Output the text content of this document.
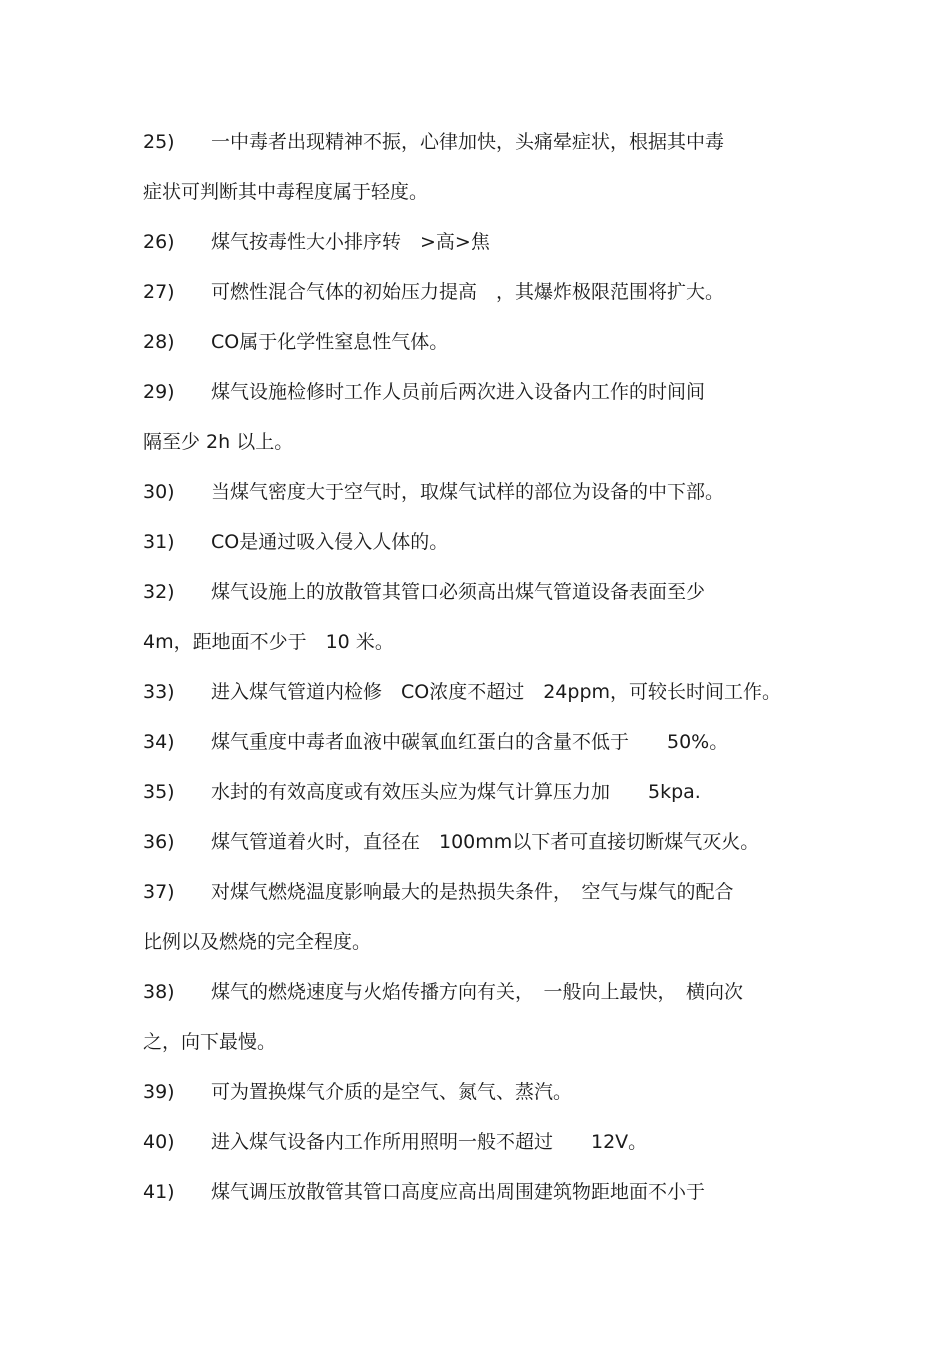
25) 一中毒者出现精神不振，心律加快，头痛晕症状，根据其中毒
症状可判断其中毒程度属于轻度。
26) 煤气按毒性大小排序转　>高>焦
27) 可燃性混合气体的初始压力提高　，其爆炸极限范围将扩大。
28) CO属于化学性窒息性气体。
29) 煤气设施检修时工作人员前后两次进入设备内工作的时间间
隔至少 2h 以上。
30) 当煤气密度大于空气时，取煤气试样的部位为设备的中下部。
31) CO是通过吸入侵入人体的。
32) 煤气设施上的放散管其管口必须高出煤气管道设备表面至少
4m，距地面不少于　10 米。
33) 进入煤气管道内检修　CO浓度不超过　24ppm，可较长时间工作。
34) 煤气重度中毒者血液中碳氧血红蛋白的含量不低于　　50%。
35) 水封的有效高度或有效压头应为煤气计算压力加　　5kpa.
36) 煤气管道着火时，直径在　100mm以下者可直接切断煤气灭火。
37) 对煤气燃烧温度影响最大的是热损失条件，　空气与煤气的配合
比例以及燃烧的完全程度。
38) 煤气的燃烧速度与火焰传播方向有关，　一般向上最快，　横向次
之，向下最慢。
39) 可为置换煤气介质的是空气、氮气、蒸汽。
40) 进入煤气设备内工作所用照明一般不超过　　12V。
41) 煤气调压放散管其管口高度应高出周围建筑物距地面不小于
